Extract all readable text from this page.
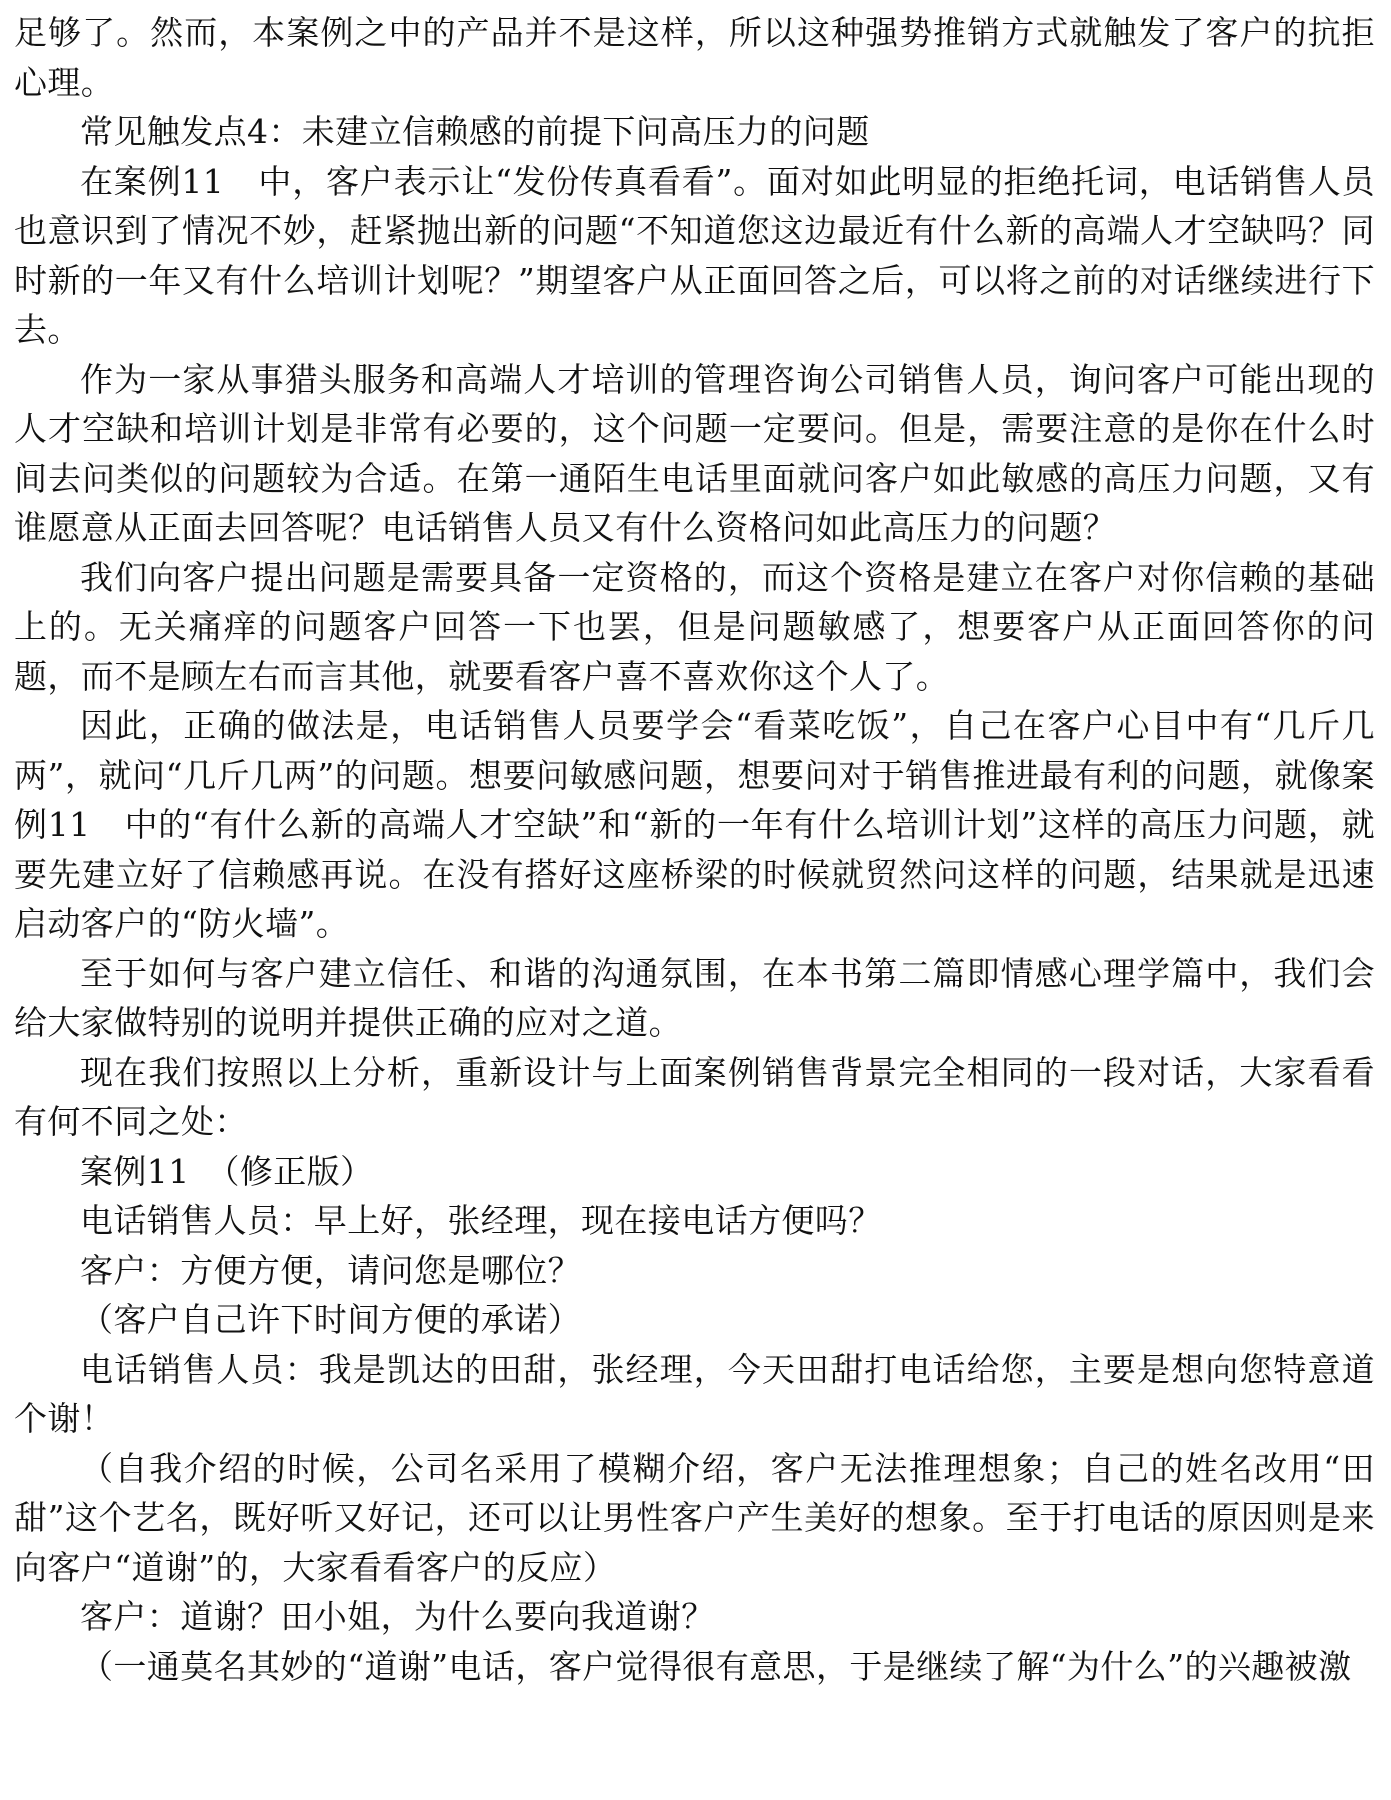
足够了。然而，本案例之中的产品并不是这样，所以这种强势推销方式就触发了客户的抗拒心理。

常见触发点4：未建立信赖感的前提下问高压力的问题

在案例11　中，客户表示让“发份传真看看”。面对如此明显的拒绝托词，电话销售人员也意识到了情况不妙，赶紧抛出新的问题“不知道您这边最近有什么新的高端人才空缺吗？同时新的一年又有什么培训计划呢？”期望客户从正面回答之后，可以将之前的对话继续进行下去。

作为一家从事猎头服务和高端人才培训的管理咨询公司销售人员，询问客户可能出现的人才空缺和培训计划是非常有必要的，这个问题一定要问。但是，需要注意的是你在什么时间去问类似的问题较为合适。在第一通陌生电话里面就问客户如此敏感的高压力问题，又有谁愿意从正面去回答呢？电话销售人员又有什么资格问如此高压力的问题？

我们向客户提出问题是需要具备一定资格的，而这个资格是建立在客户对你信赖的基础上的。无关痛痒的问题客户回答一下也罢，但是问题敏感了，想要客户从正面回答你的问题，而不是顾左右而言其他，就要看客户喜不喜欢你这个人了。

因此，正确的做法是，电话销售人员要学会“看菜吃饭”，自己在客户心目中有“几斤几两”，就问“几斤几两”的问题。想要问敏感问题，想要问对于销售推进最有利的问题，就像案例11　中的“有什么新的高端人才空缺”和“新的一年有什么培训计划”这样的高压力问题，就要先建立好了信赖感再说。在没有搭好这座桥梁的时候就贸然问这样的问题，结果就是迅速启动客户的“防火墙”。

至于如何与客户建立信任、和谐的沟通氛围，在本书第二篇即情感心理学篇中，我们会给大家做特别的说明并提供正确的应对之道。

现在我们按照以上分析，重新设计与上面案例销售背景完全相同的一段对话，大家看看有何不同之处：

案例11　（修正版）

电话销售人员：早上好，张经理，现在接电话方便吗？

客户：方便方便，请问您是哪位？

（客户自己许下时间方便的承诺）

电话销售人员：我是凯达的田甜，张经理，今天田甜打电话给您，主要是想向您特意道个谢！

（自我介绍的时候，公司名采用了模糊介绍，客户无法推理想象；自己的姓名改用“田甜”这个艺名，既好听又好记，还可以让男性客户产生美好的想象。至于打电话的原因则是来向客户“道谢”的，大家看看客户的反应）

客户：道谢？田小姐，为什么要向我道谢？

（一通莫名其妙的“道谢”电话，客户觉得很有意思，于是继续了解“为什么”的兴趣被激
